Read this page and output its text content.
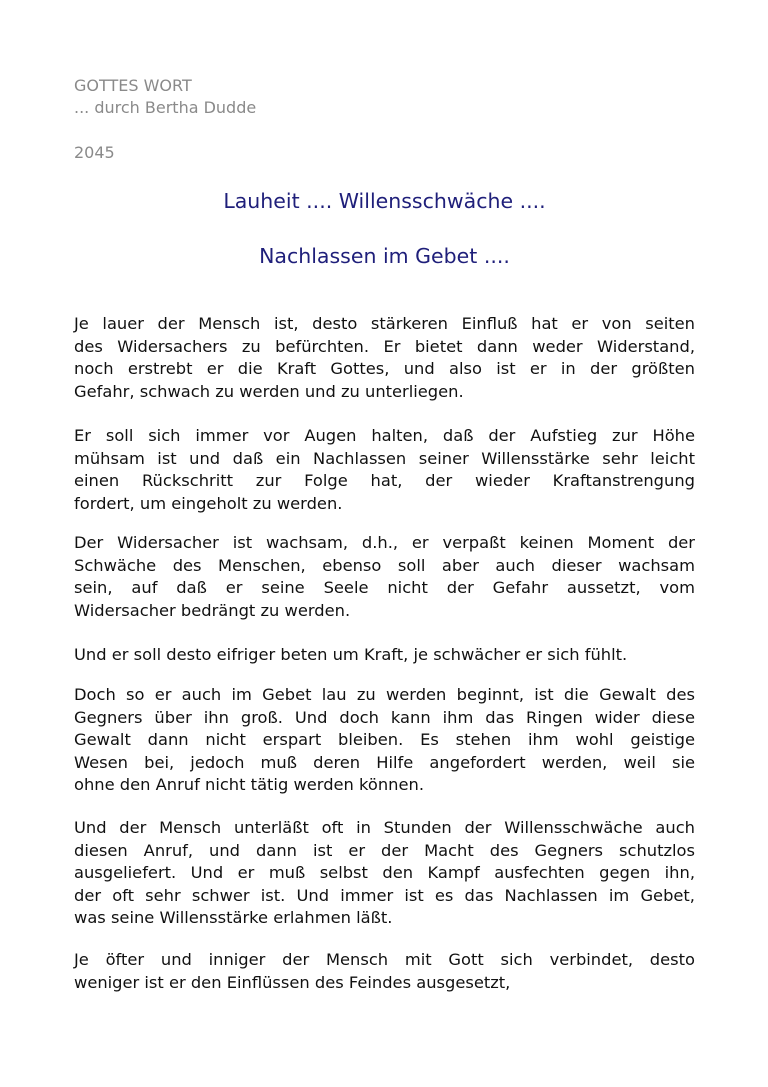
GOTTES WORT
... durch Bertha Dudde
2045
Lauheit .... Willensschwäche ....
Nachlassen im Gebet ....
Je lauer der Mensch ist, desto stärkeren Einfluß hat er von seiten
des Widersachers zu befürchten. Er bietet dann weder Widerstand,
noch erstrebt er die Kraft Gottes, und also ist er in der größten
Gefahr, schwach zu werden und zu unterliegen.
Er soll sich immer vor Augen halten, daß der Aufstieg zur Höhe
mühsam ist und daß ein Nachlassen seiner Willensstärke sehr leicht
einen Rückschritt zur Folge hat, der wieder Kraftanstrengung
fordert, um eingeholt zu werden.
Der Widersacher ist wachsam, d.h., er verpaßt keinen Moment der
Schwäche des Menschen, ebenso soll aber auch dieser wachsam
sein, auf daß er seine Seele nicht der Gefahr aussetzt, vom
Widersacher bedrängt zu werden.
Und er soll desto eifriger beten um Kraft, je schwächer er sich fühlt.
Doch so er auch im Gebet lau zu werden beginnt, ist die Gewalt des
Gegners über ihn groß. Und doch kann ihm das Ringen wider diese
Gewalt dann nicht erspart bleiben. Es stehen ihm wohl geistige
Wesen bei, jedoch muß deren Hilfe angefordert werden, weil sie
ohne den Anruf nicht tätig werden können.
Und der Mensch unterläßt oft in Stunden der Willensschwäche auch
diesen Anruf, und dann ist er der Macht des Gegners schutzlos
ausgeliefert. Und er muß selbst den Kampf ausfechten gegen ihn,
der oft sehr schwer ist. Und immer ist es das Nachlassen im Gebet,
was seine Willensstärke erlahmen läßt.
Je öfter und inniger der Mensch mit Gott sich verbindet, desto
weniger ist er den Einflüssen des Feindes ausgesetzt,
